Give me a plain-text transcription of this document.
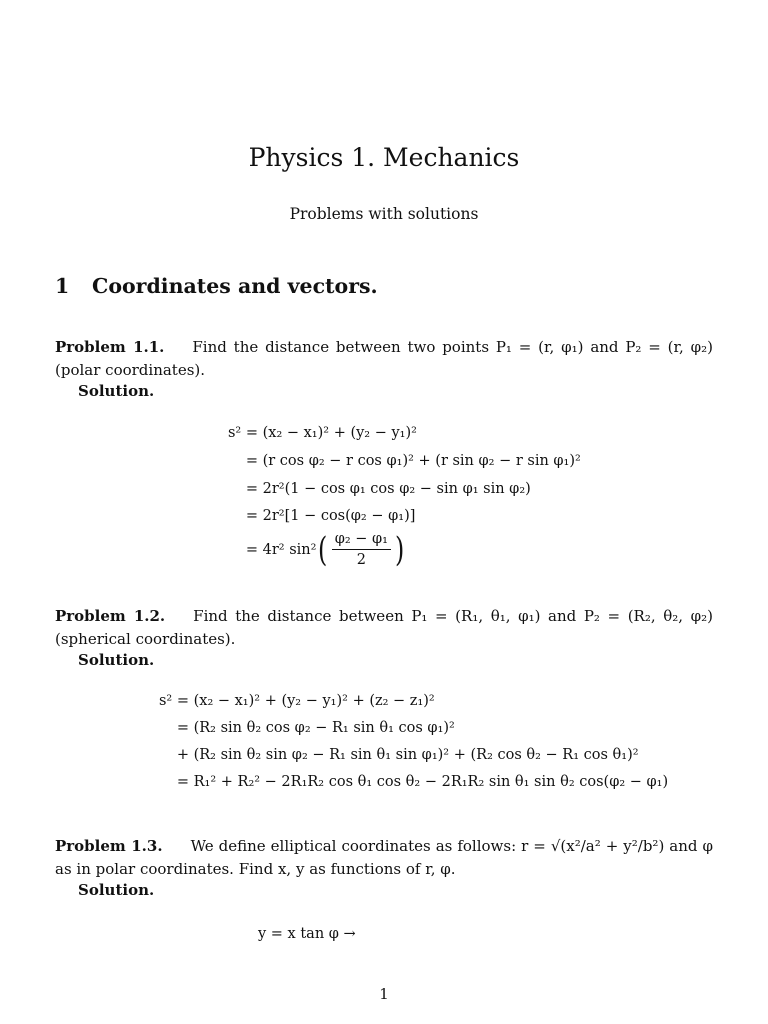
Physics 1. Mechanics
Problems with solutions
1 Coordinates and vectors.
Problem 1.1. Find the distance between two points P₁ = (r, φ₁) and P₂ = (r, φ₂) (polar coordinates).
Solution.
s² =
(x₂ − x₁)² + (y₂ − y₁)²
=
(r cos φ₂ − r cos φ₁)² + (r sin φ₂ − r sin φ₁)²
=
2r²(1 − cos φ₁ cos φ₂ − sin φ₁ sin φ₂)
=
2r²[1 − cos(φ₂ − φ₁)]
=
4r² sin² ( $\frac{\text{φ₂ − φ₁}}{2}$ )
Problem 1.2. Find the distance between P₁ = (R₁, θ₁, φ₁) and P₂ = (R₂, θ₂, φ₂) (spherical coordinates).
Solution.
s² =
(x₂ − x₁)² + (y₂ − y₁)² + (z₂ − z₁)²
=
(R₂ sin θ₂ cos φ₂ − R₁ sin θ₁ cos φ₁)²
+
(R₂ sin θ₂ sin φ₂ − R₁ sin θ₁ sin φ₁)² + (R₂ cos θ₂ − R₁ cos θ₁)²
=
R₁² + R₂² − 2R₁R₂ cos θ₁ cos θ₂ − 2R₁R₂ sin θ₁ sin θ₂ cos(φ₂ − φ₁)
Problem 1.3. We define elliptical coordinates as follows: r = √(x²/a² + y²/b²) and φ as in polar coordinates. Find x, y as functions of r, φ.
Solution.
y = x tan φ →
1
